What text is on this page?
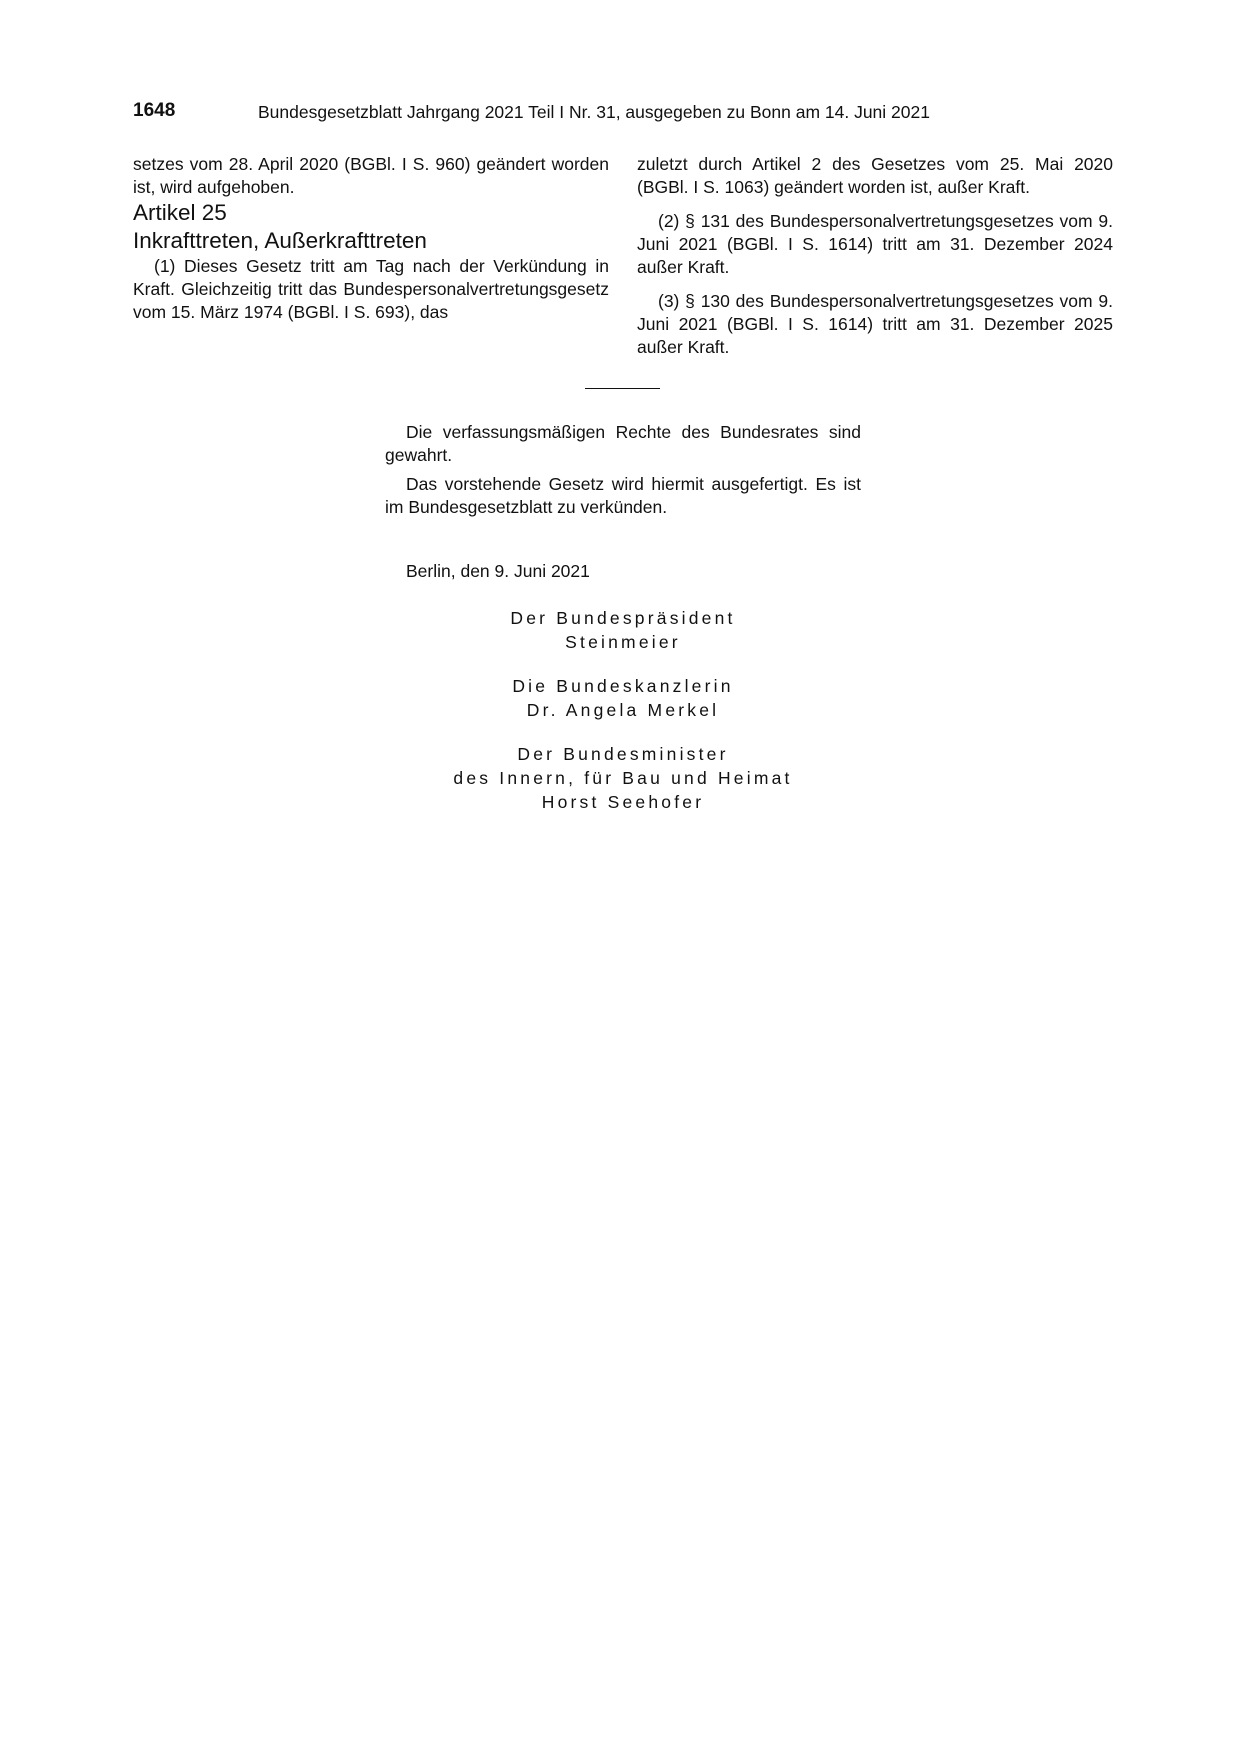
1648	Bundesgesetzblatt Jahrgang 2021 Teil I Nr. 31, ausgegeben zu Bonn am 14. Juni 2021

setzes vom 28. April 2020 (BGBl. I S. 960) geändert worden ist, wird aufgehoben.

Artikel 25

Inkrafttreten, Außerkrafttreten

(1) Dieses Gesetz tritt am Tag nach der Verkündung in Kraft. Gleichzeitig tritt das Bundespersonalvertretungsgesetz vom 15. März 1974 (BGBl. I S. 693), das

zuletzt durch Artikel 2 des Gesetzes vom 25. Mai 2020 (BGBl. I S. 1063) geändert worden ist, außer Kraft.

(2) § 131 des Bundespersonalvertretungsgesetzes vom 9. Juni 2021 (BGBl. I S. 1614) tritt am 31. Dezember 2024 außer Kraft.

(3) § 130 des Bundespersonalvertretungsgesetzes vom 9. Juni 2021 (BGBl. I S. 1614) tritt am 31. Dezember 2025 außer Kraft.

Die verfassungsmäßigen Rechte des Bundesrates sind gewahrt.

Das vorstehende Gesetz wird hiermit ausgefertigt. Es ist im Bundesgesetzblatt zu verkünden.

Berlin, den 9. Juni 2021

Der Bundespräsident
Steinmeier
Die Bundeskanzlerin
Dr. Angela Merkel
Der Bundesminister
des Innern, für Bau und Heimat
Horst Seehofer
